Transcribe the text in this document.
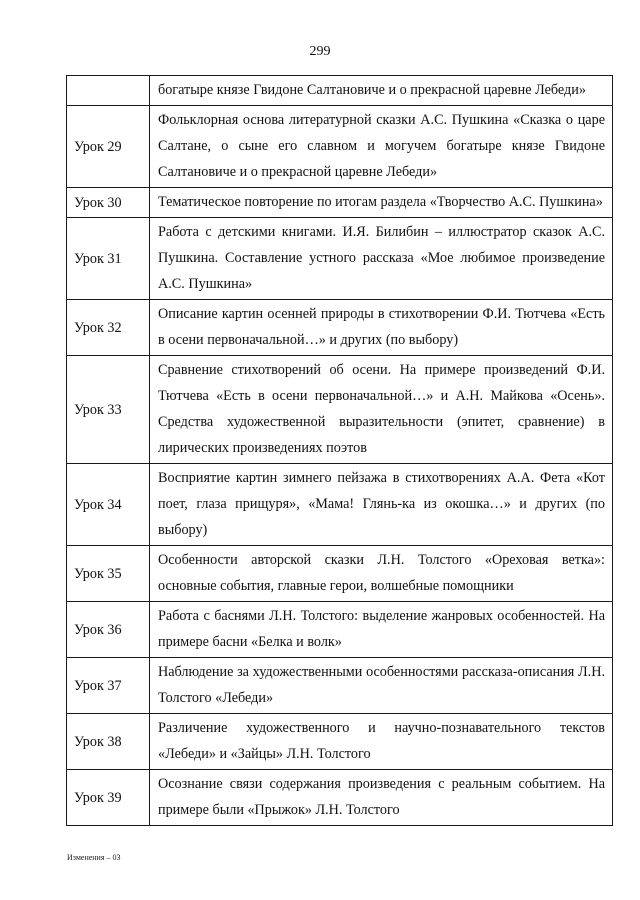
299
	богатыре князе Гвидоне Салтановиче и о прекрасной царевне Лебеди»
Урок 29	Фольклорная основа литературной сказки А.С. Пушкина «Сказка о царе Салтане, о сыне его славном и могучем богатыре князе Гвидоне Салтановиче и о прекрасной царевне Лебеди»
Урок 30	Тематическое повторение по итогам раздела «Творчество А.С. Пушкина»
Урок 31	Работа с детскими книгами. И.Я. Билибин – иллюстратор сказок А.С. Пушкина. Составление устного рассказа «Мое любимое произведение А.С. Пушкина»
Урок 32	Описание картин осенней природы в стихотворении Ф.И. Тютчева «Есть в осени первоначальной…» и других (по выбору)
Урок 33	Сравнение стихотворений об осени. На примере произведений Ф.И. Тютчева «Есть в осени первоначальной…» и А.Н. Майкова «Осень». Средства художественной выразительности (эпитет, сравнение) в лирических произведениях поэтов
Урок 34	Восприятие картин зимнего пейзажа в стихотворениях А.А. Фета «Кот поет, глаза прищуря», «Мама! Глянь-ка из окошка…» и других (по выбору)
Урок 35	Особенности авторской сказки Л.Н. Толстого «Ореховая ветка»: основные события, главные герои, волшебные помощники
Урок 36	Работа с баснями Л.Н. Толстого: выделение жанровых особенностей. На примере басни «Белка и волк»
Урок 37	Наблюдение за художественными особенностями рассказа-описания Л.Н. Толстого «Лебеди»
Урок 38	Различение художественного и научно-познавательного текстов «Лебеди» и «Зайцы» Л.Н. Толстого
Урок 39	Осознание связи содержания произведения с реальным событием. На примере были «Прыжок» Л.Н. Толстого
Изменения – 03
